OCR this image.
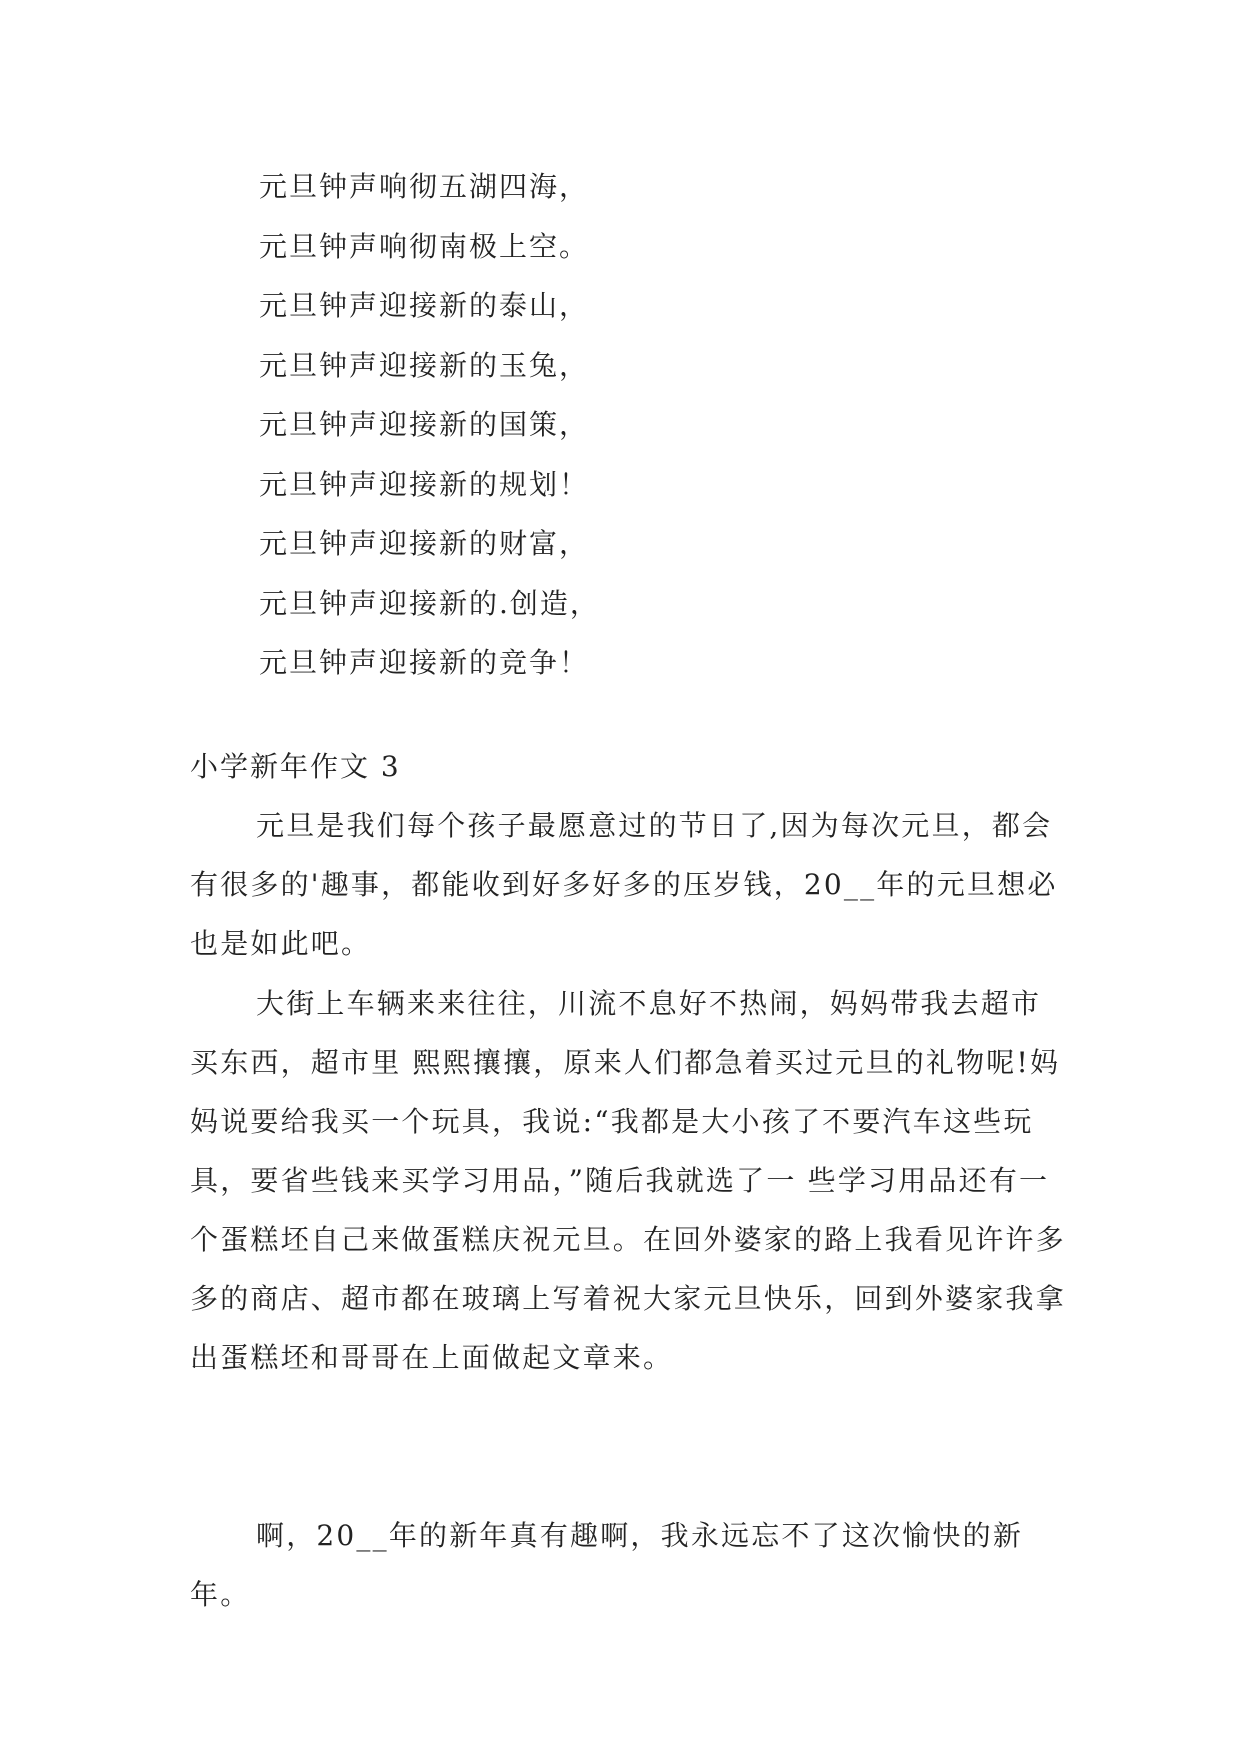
元旦钟声响彻五湖四海，
元旦钟声响彻南极上空。
元旦钟声迎接新的泰山，
元旦钟声迎接新的玉兔，
元旦钟声迎接新的国策，
元旦钟声迎接新的规划！
元旦钟声迎接新的财富，
元旦钟声迎接新的.创造，
元旦钟声迎接新的竞争！
小学新年作文 3

元旦是我们每个孩子最愿意过的节日了,因为每次元旦，都会有很多的'趣事，都能收到好多好多的压岁钱，20__年的元旦想必也是如此吧。

大街上车辆来来往往，川流不息好不热闹，妈妈带我去超市买东西，超市里 熙熙攘攘，原来人们都急着买过元旦的礼物呢!妈妈说要给我买一个玩具，我说:“我都是大小孩了不要汽车这些玩具，要省些钱来买学习用品，”随后我就选了一 些学习用品还有一个蛋糕坯自己来做蛋糕庆祝元旦。在回外婆家的路上我看见许许多多的商店、超市都在玻璃上写着祝大家元旦快乐，回到外婆家我拿出蛋糕坯和哥哥在上面做起文章来。

啊，20__年的新年真有趣啊，我永远忘不了这次愉快的新年。
